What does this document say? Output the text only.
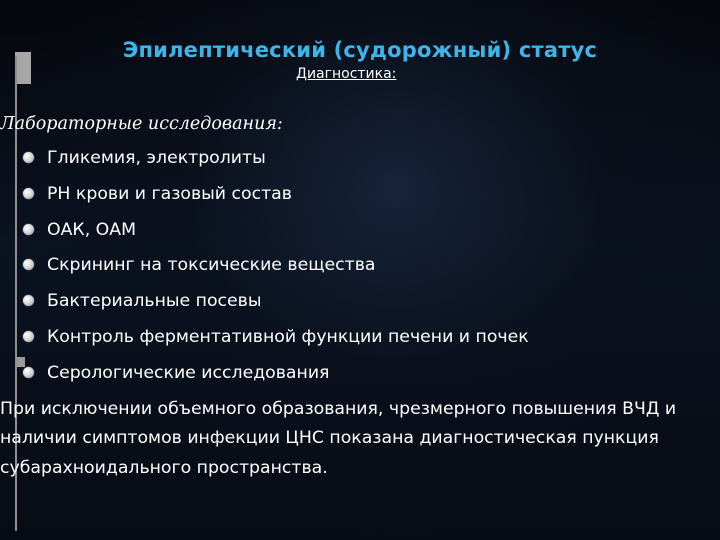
Эпилептический (судорожный) статус
Диагностика:
Лабораторные исследования:
Гликемия, электролиты
PH крови и газовый состав
ОАК, ОАМ
Скрининг на токсические вещества
Бактериальные посевы
Контроль ферментативной функции печени и почек
Серологические исследования
При исключении объемного образования, чрезмерного повышения ВЧД и наличии симптомов инфекции ЦНС показана диагностическая пункция субарахноидального пространства.
